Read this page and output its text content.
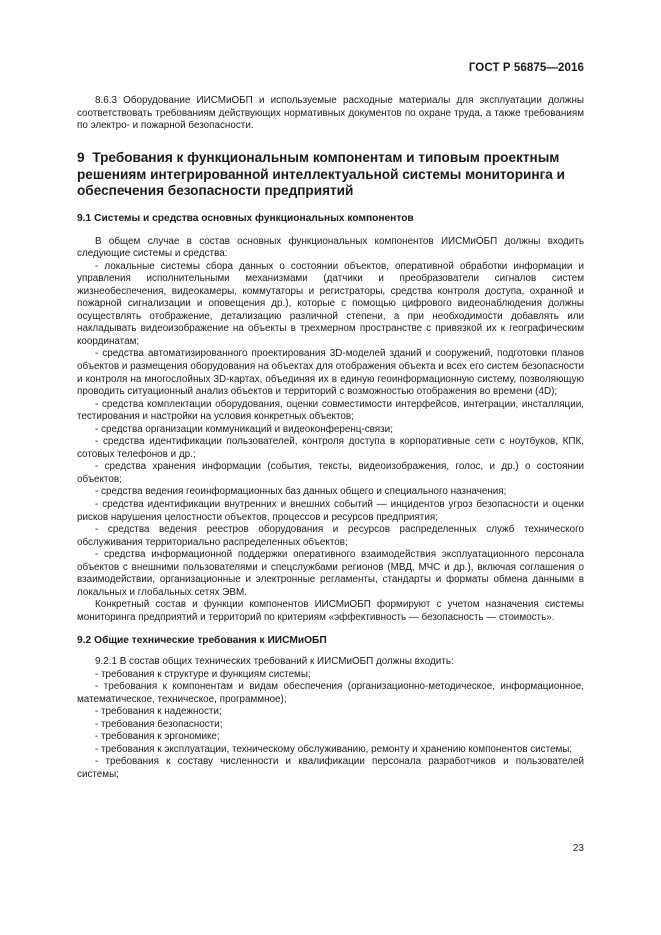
ГОСТ Р 56875—2016

8.6.3 Оборудование ИИСМиОБП и используемые расходные материалы для эксплуатации должны соответствовать требованиям действующих нормативных документов по охране труда, а также требованиям по электро- и пожарной безопасности.

9 Требования к функциональным компонентам и типовым проектным решениям интегрированной интеллектуальной системы мониторинга и обеспечения безопасности предприятий

9.1 Системы и средства основных функциональных компонентов

В общем случае в состав основных функциональных компонентов ИИСМиОБП должны входить следующие системы и средства:

- локальные системы сбора данных о состоянии объектов, оперативной обработки информации и управления исполнительными механизмами (датчики и преобразователи сигналов систем жизнеобеспечения, видеокамеры, коммутаторы и регистраторы, средства контроля доступа, охранной и пожарной сигнализации и оповещения др.), которые с помощью цифрового видеонаблюдения должны осуществлять отображение, детализацию различной степени, а при необходимости добавлять или накладывать видеоизображение на объекты в трехмерном пространстве с привязкой их к географическим координатам;

- средства автоматизированного проектирования 3D-моделей зданий и сооружений, подготовки планов объектов и размещения оборудования на объектах для отображения объекта и всех его систем безопасности и контроля на многослойных 3D-картах, объединяя их в единую геоинформационную систему, позволяющую проводить ситуационный анализ объектов и территорий с возможностью отображения во времени (4D);

- средства комплектации оборудования, оценки совместимости интерфейсов, интеграции, инсталляции, тестирования и настройки на условия конкретных объектов;

- средства организации коммуникаций и видеоконференц-связи;

- средства идентификации пользователей, контроля доступа в корпоративные сети с ноутбуков, КПК, сотовых телефонов и др.;

- средства хранения информации (события, тексты, видеоизображения, голос, и др.) о состоянии объектов;

- средства ведения геоинформационных баз данных общего и специального назначения;

- средства идентификации внутренних и внешних событий — инцидентов угроз безопасности и оценки рисков нарушения целостности объектов, процессов и ресурсов предприятия;

- средства ведения реестров оборудования и ресурсов распределенных служб технического обслуживания территориально распределенных объектов;

- средства информационной поддержки оперативного взаимодействия эксплуатационного персонала объектов с внешними пользователями и спецслужбами регионов (МВД, МЧС и др.), включая соглашения о взаимодействии, организационные и электронные регламенты, стандарты и форматы обмена данными в локальных и глобальных сетях ЭВМ.

Конкретный состав и функции компонентов ИИСМиОБП формируют с учетом назначения системы мониторинга предприятий и территорий по критериям «эффективность — безопасность — стоимость».

9.2 Общие технические требования к ИИСМиОБП

9.2.1 В состав общих технических требований к ИИСМиОБП должны входить:

- требования к структуре и функциям системы;

- требования к компонентам и видам обеспечения (организационно-методическое, информационное, математическое, техническое, программное);

- требования к надежности;

- требования безопасности;

- требования к эргономике;

- требования к эксплуатации, техническому обслуживанию, ремонту и хранению компонентов системы;

- требования к составу численности и квалификации персонала разработчиков и пользователей системы;

23
